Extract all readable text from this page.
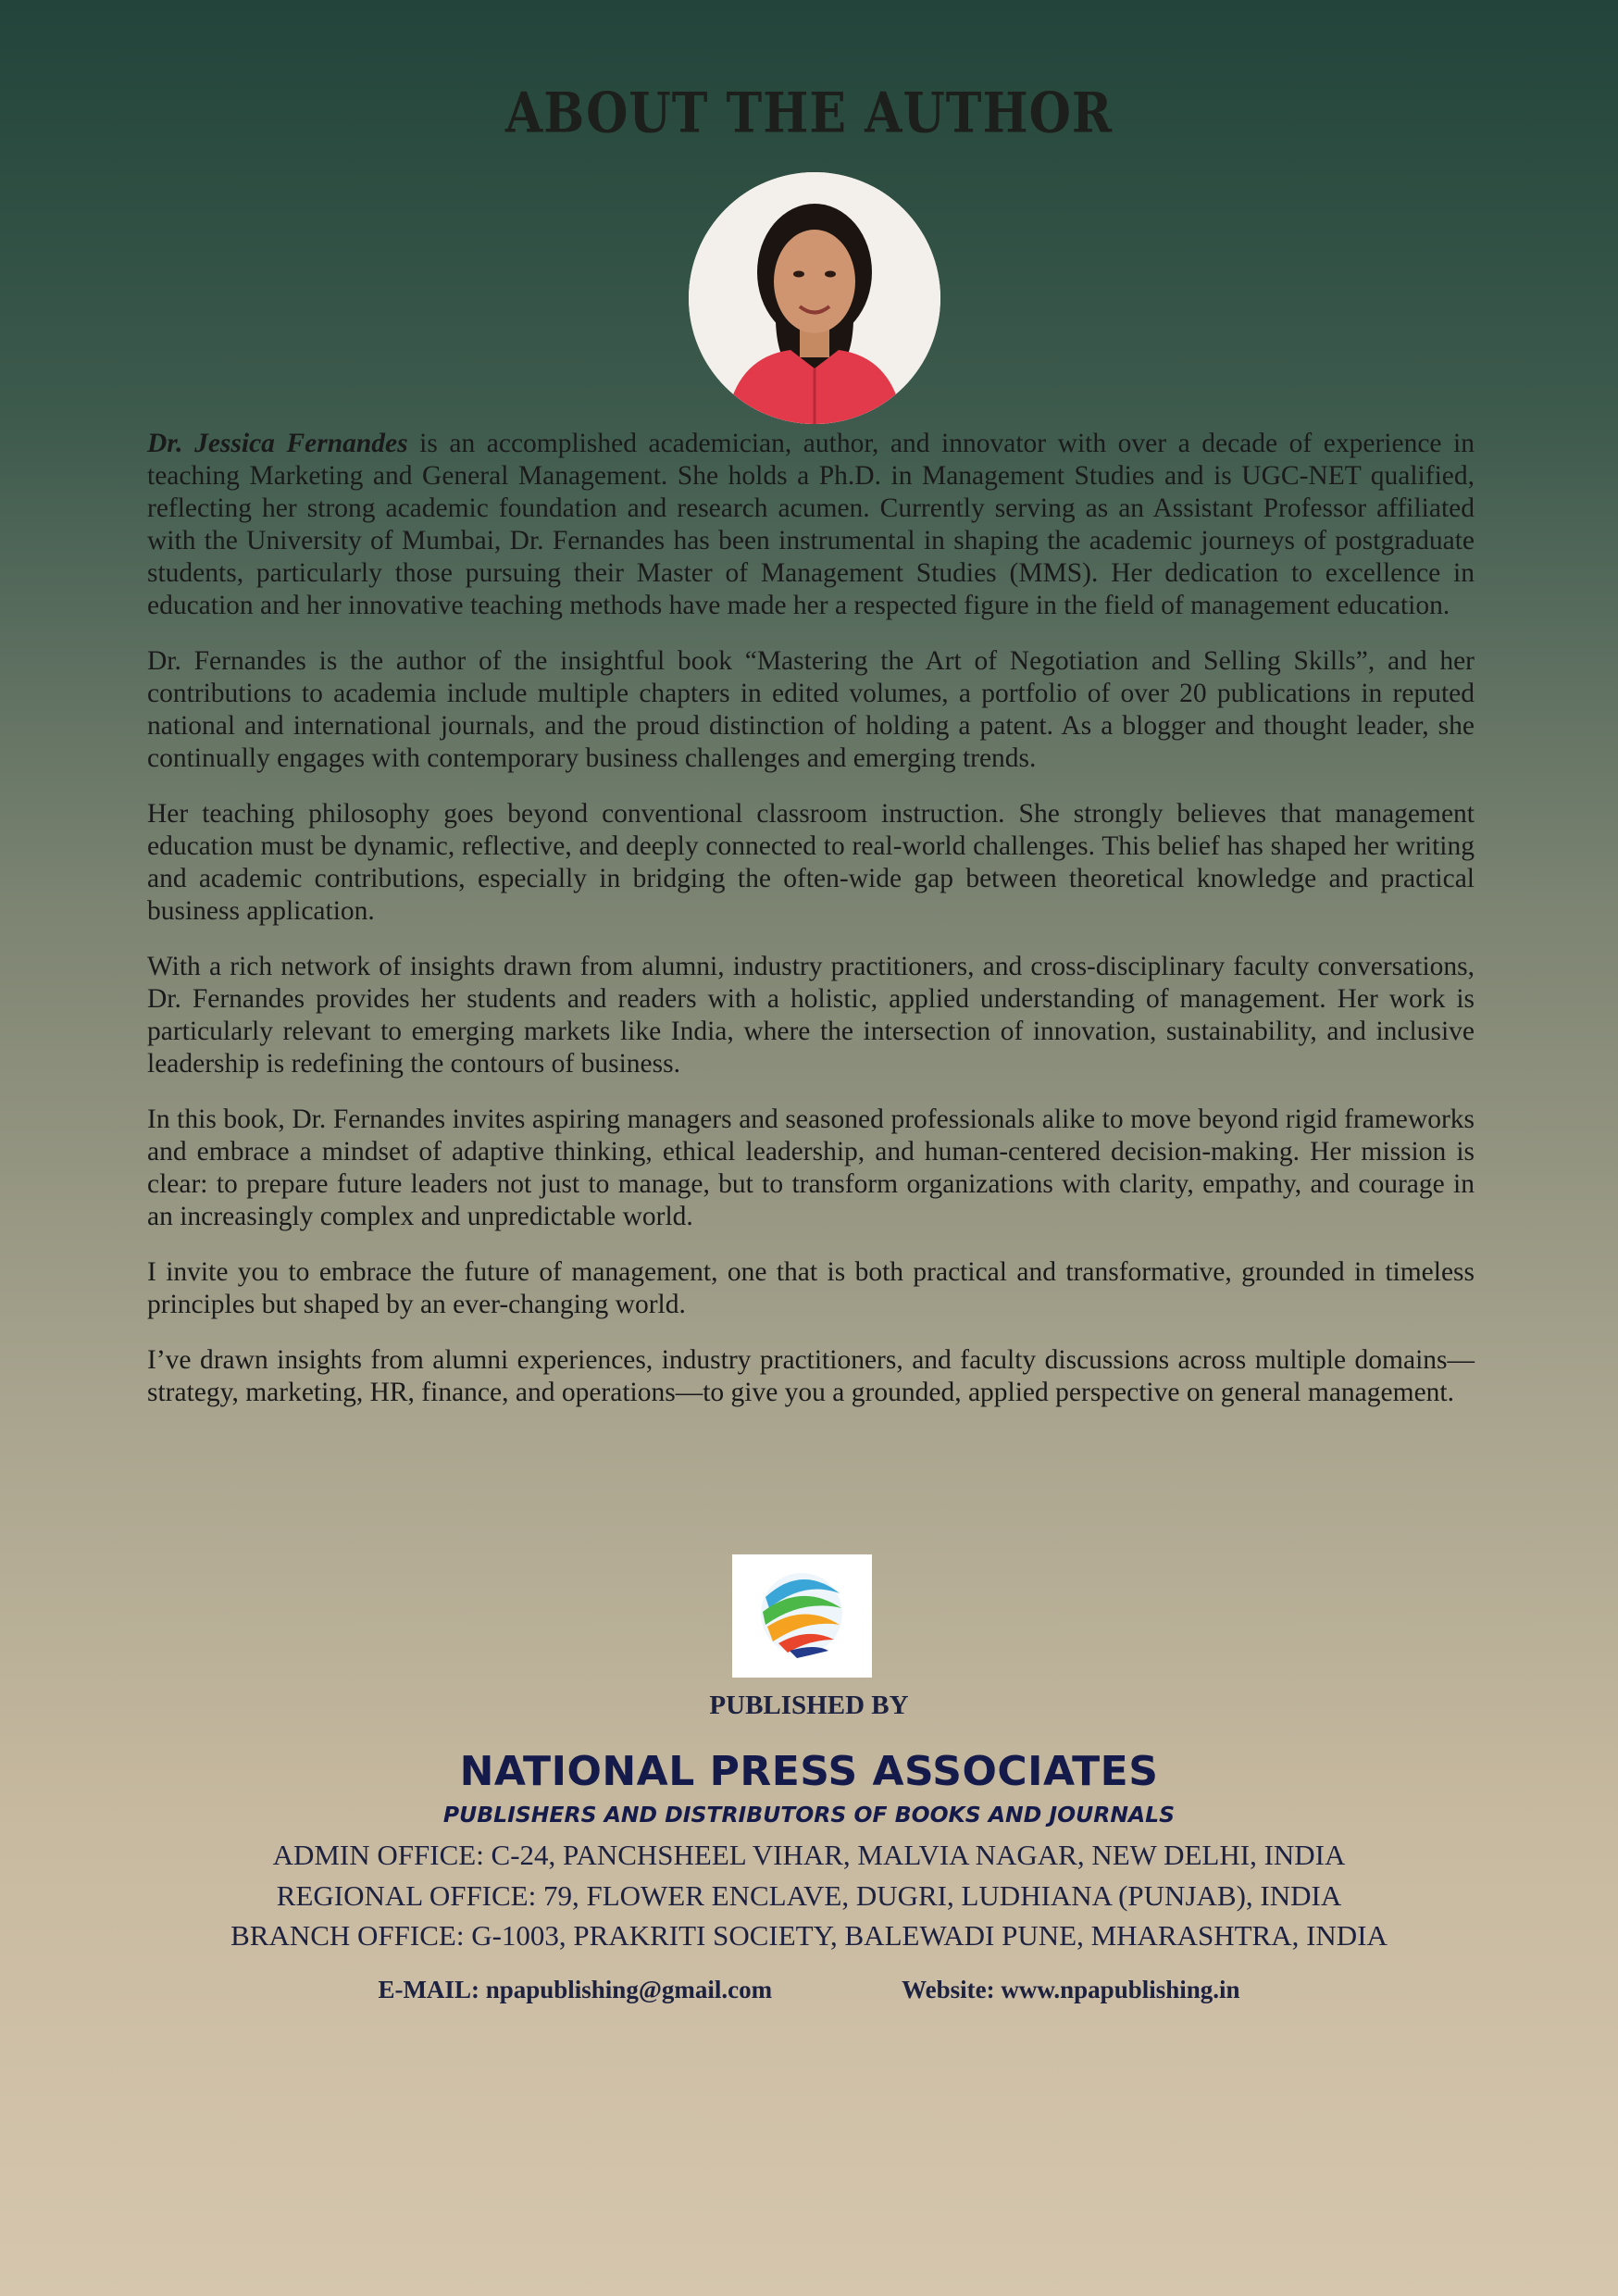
ABOUT THE AUTHOR

Dr. Jessica Fernandes is an accomplished academician, author, and innovator with over a decade of experience in teaching Marketing and General Management. She holds a Ph.D. in Management Studies and is UGC-NET qualified, reflecting her strong academic foundation and research acumen. Currently serving as an Assistant Professor affiliated with the University of Mumbai, Dr. Fernandes has been instrumental in shaping the academic journeys of postgraduate students, particularly those pursuing their Master of Management Studies (MMS). Her dedication to excellence in education and her innovative teaching methods have made her a respected figure in the field of management education.

Dr. Fernandes is the author of the insightful book “Mastering the Art of Negotiation and Selling Skills”, and her contributions to academia include multiple chapters in edited volumes, a portfolio of over 20 publications in reputed national and international journals, and the proud distinction of holding a patent. As a blogger and thought leader, she continually engages with contemporary business challenges and emerging trends.

Her teaching philosophy goes beyond conventional classroom instruction. She strongly believes that management education must be dynamic, reflective, and deeply connected to real-world challenges. This belief has shaped her writing and academic contributions, especially in bridging the often-wide gap between theoretical knowledge and practical business application.

With a rich network of insights drawn from alumni, industry practitioners, and cross-disciplinary faculty conversations, Dr. Fernandes provides her students and readers with a holistic, applied understanding of management. Her work is particularly relevant to emerging markets like India, where the intersection of innovation, sustainability, and inclusive leadership is redefining the contours of business.

In this book, Dr. Fernandes invites aspiring managers and seasoned professionals alike to move beyond rigid frameworks and embrace a mindset of adaptive thinking, ethical leadership, and human-centered decision-making. Her mission is clear: to prepare future leaders not just to manage, but to transform organizations with clarity, empathy, and courage in an increasingly complex and unpredictable world.

I invite you to embrace the future of management, one that is both practical and transformative, grounded in timeless principles but shaped by an ever-changing world.

I’ve drawn insights from alumni experiences, industry practitioners, and faculty discussions across multiple domains—strategy, marketing, HR, finance, and operations—to give you a grounded, applied perspective on general management.

PUBLISHED BY
NATIONAL PRESS ASSOCIATES
PUBLISHERS AND DISTRIBUTORS OF BOOKS AND JOURNALS
ADMIN OFFICE: C-24, PANCHSHEEL VIHAR, MALVIA NAGAR, NEW DELHI, INDIA
REGIONAL OFFICE: 79, FLOWER ENCLAVE, DUGRI, LUDHIANA (PUNJAB), INDIA
BRANCH OFFICE: G-1003, PRAKRITI SOCIETY, BALEWADI PUNE, MHARASHTRA, INDIA
E-MAIL: npapublishing@gmail.com	Website: www.npapublishing.in
